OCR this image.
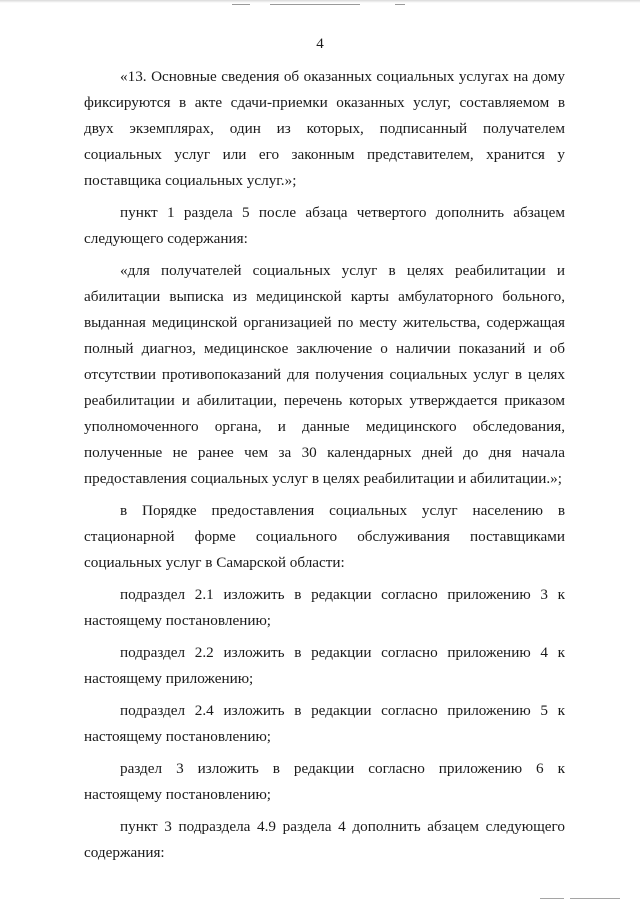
4

«13. Основные сведения об оказанных социальных услугах на дому фиксируются в акте сдачи-приемки оказанных услуг, составляемом в двух экземплярах, один из которых, подписанный получателем социальных услуг или его законным представителем, хранится у поставщика социальных услуг.»;

пункт 1 раздела 5 после абзаца четвертого дополнить абзацем следующего содержания:

«для получателей социальных услуг в целях реабилитации и абилитации выписка из медицинской карты амбулаторного больного, выданная медицинской организацией по месту жительства, содержащая полный диагноз, медицинское заключение о наличии показаний и об отсутствии противопоказаний для получения социальных услуг в целях реабилитации и абилитации, перечень которых утверждается приказом уполномоченного органа, и данные медицинского обследования, полученные не ранее чем за 30 календарных дней до дня начала предоставления социальных услуг в целях реабилитации и абилитации.»;

в Порядке предоставления социальных услуг населению в стационарной форме социального обслуживания поставщиками социальных услуг в Самарской области:

подраздел 2.1 изложить в редакции согласно приложению 3 к настоящему постановлению;

подраздел 2.2 изложить в редакции согласно приложению 4 к настоящему приложению;

подраздел 2.4 изложить в редакции согласно приложению 5 к настоящему постановлению;

раздел 3 изложить в редакции согласно приложению 6 к настоящему постановлению;

пункт 3 подраздела 4.9 раздела 4 дополнить абзацем следующего содержания:
